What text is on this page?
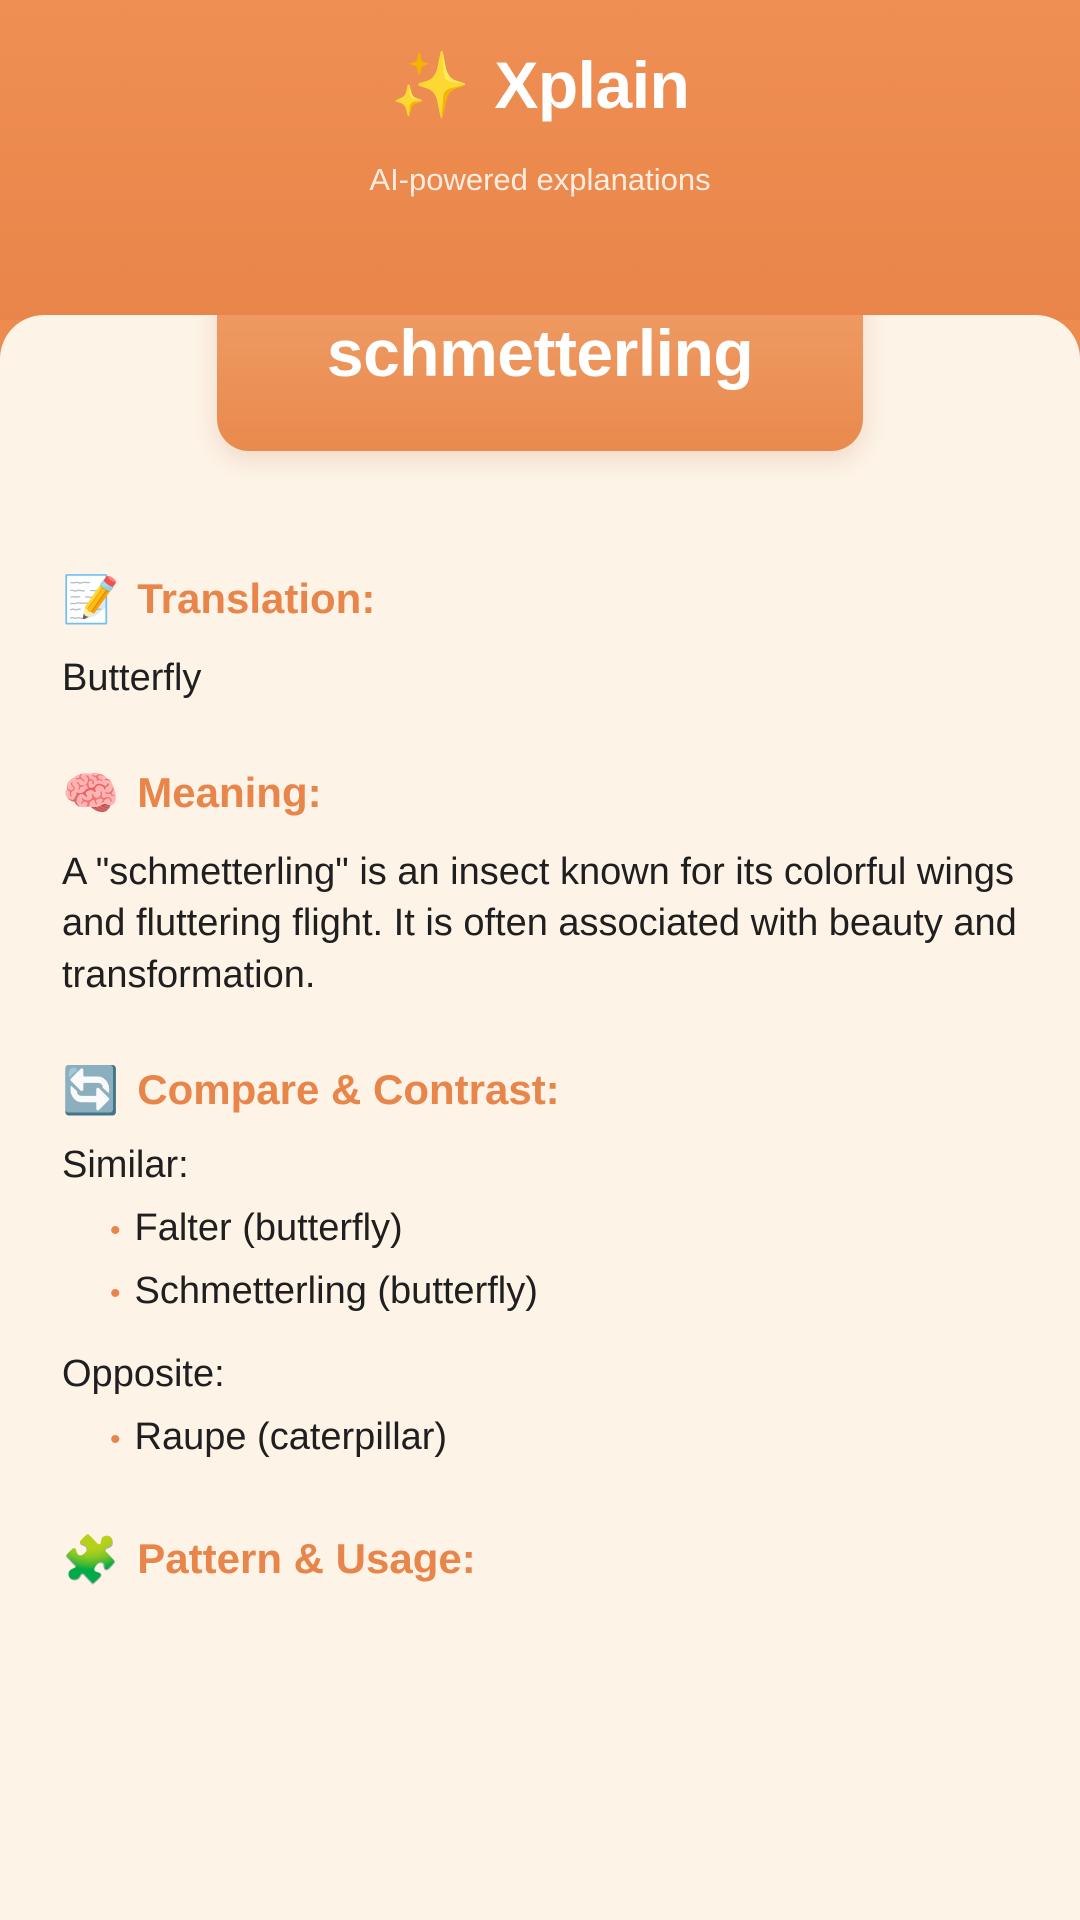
✨ Xplain
AI-powered explanations
schmetterling
📝 Translation:
Butterfly
🧠 Meaning:
A "schmetterling" is an insect known for its colorful wings and fluttering flight. It is often associated with beauty and transformation.
🔄 Compare & Contrast:
Similar:
• Falter (butterfly)
• Schmetterling (butterfly)
Opposite:
• Raupe (caterpillar)
🧩 Pattern & Usage:
